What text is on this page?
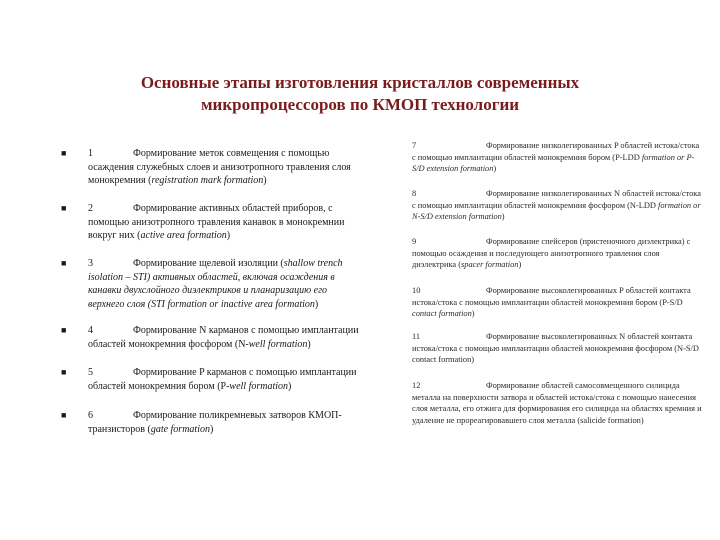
Основные этапы изготовления кристаллов современных
микропроцессоров по КМОП технологии
■ 1	Формирование меток совмещения с помощью осаждения служебных слоев и анизотропного травления слоя монокремния (registration mark formation)
■ 2	Формирование активных областей приборов, с помощью анизотропного травления канавок в монокремнии вокруг них (active area formation)
■ 3	Формирование щелевой изоляции (shallow trench isolation – STI) активных областей, включая осаждения в канавки двухслойного диэлектриков и планаризацию его верхнего слоя (STI formation or inactive area formation)
■ 4	Формирование N карманов с помощью имплантации областей монокремния фосфором (N-well formation)
■ 5	Формирование P карманов с помощью имплантации областей монокремния бором (P-well formation)
■ 6	Формирование поликремневых затворов КМОП-транзисторов (gate formation)
7	Формирование низколегированных P областей истока/стока с помощью имплантации областей монокремния бором (P-LDD formation or P-S/D extension formation)
8	Формирование низколегированных N областей истока/стока с помощью имплантации областей монокремния фосфором (N-LDD formation or N-S/D extension formation)
9	Формирование спейсеров (пристеночного диэлектрика) с помощью осаждения и последующего анизотропного травления слоя диэлектрика (spacer formation)
10	Формирование высоколегированных P областей контакта истока/стока с помощью имплантации областей монокремния бором (P-S/D contact formation)
11	Формирование высоколегированных N областей контакта истока/стока с помощью имплантации областей монокремния фосфором (N-S/D contact formation)
12	Формирование областей самосовмещенного силицида металла на поверхности затвора и областей истока/стока с помощью нанесения слоя металла, его отжига для формирования его силицида на областях кремния и удаление не прореагировавшего слоя металла (salicide formation)
